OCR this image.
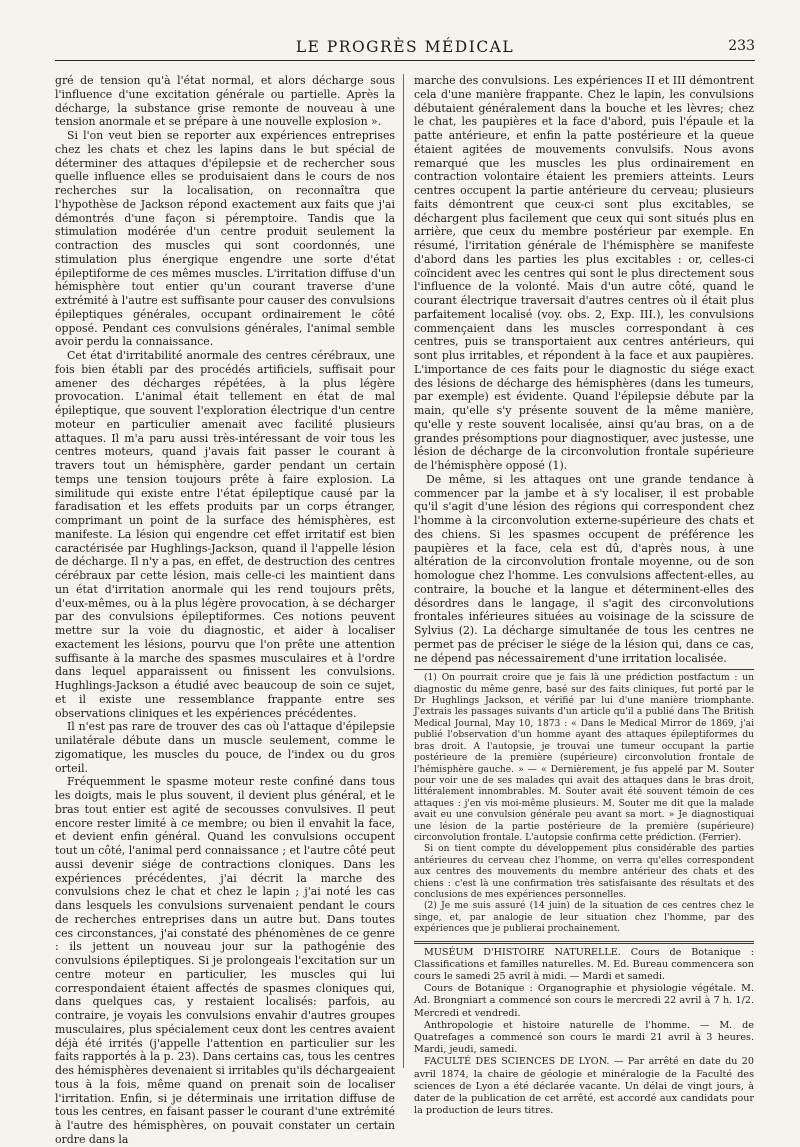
LE PROGRÈS MÉDICAL	233

gré de tension qu'à l'état normal, et alors décharge sous l'influence d'une excitation générale ou partielle. Après la décharge, la substance grise remonte de nouveau à une tension anormale et se prépare à une nouvelle explosion ».

Si l'on veut bien se reporter aux expériences entreprises chez les chats et chez les lapins dans le but spécial de déterminer des attaques d'épilepsie et de rechercher sous quelle influence elles se produisaient dans le cours de nos recherches sur la localisation, on reconnaîtra que l'hypothèse de Jackson répond exactement aux faits que j'ai démontrés d'une façon si péremptoire. Tandis que la stimulation modérée d'un centre produit seulement la contraction des muscles qui sont coordonnés, une stimulation plus énergique engendre une sorte d'état épileptiforme de ces mêmes muscles. L'irritation diffuse d'un hémisphère tout entier qu'un courant traverse d'une extrémité à l'autre est suffisante pour causer des convulsions épileptiques générales, occupant ordinairement le côté opposé. Pendant ces convulsions générales, l'animal semble avoir perdu la connaissance.

Cet état d'irritabilité anormale des centres cérébraux, une fois bien établi par des procédés artificiels, suffisait pour amener des décharges répétées, à la plus légère provocation. L'animal était tellement en état de mal épileptique, que souvent l'exploration électrique d'un centre moteur en particulier amenait avec facilité plusieurs attaques. Il m'a paru aussi très-intéressant de voir tous les centres moteurs, quand j'avais fait passer le courant à travers tout un hémisphère, garder pendant un certain temps une tension toujours prête à faire explosion. La similitude qui existe entre l'état épileptique causé par la faradisation et les effets produits par un corps étranger, comprimant un point de la surface des hémisphères, est manifeste. La lésion qui engendre cet effet irritatif est bien caractérisée par Hughlings-Jackson, quand il l'appelle lésion de décharge. Il n'y a pas, en effet, de destruction des centres cérébraux par cette lésion, mais celle-ci les maintient dans un état d'irritation anormale qui les rend toujours prêts, d'eux-mêmes, ou à la plus légère provocation, à se décharger par des convulsions épileptiformes. Ces notions peuvent mettre sur la voie du diagnostic, et aider à localiser exactement les lésions, pourvu que l'on prête une attention suffisante à la marche des spasmes musculaires et à l'ordre dans lequel apparaissent ou finissent les convulsions. Hughlings-Jackson a étudié avec beaucoup de soin ce sujet, et il existe une ressemblance frappante entre ses observations cliniques et les expériences précédentes.

Il n'est pas rare de trouver des cas où l'attaque d'épilepsie unilatérale débute dans un muscle seulement, comme le zigomatique, les muscles du pouce, de l'index ou du gros orteil.

Fréquemment le spasme moteur reste confiné dans tous les doigts, mais le plus souvent, il devient plus général, et le bras tout entier est agité de secousses convulsives. Il peut encore rester limité à ce membre; ou bien il envahit la face, et devient enfin général. Quand les convulsions occupent tout un côté, l'animal perd connaissance ; et l'autre côté peut aussi devenir siége de contractions cloniques. Dans les expériences précédentes, j'ai décrit la marche des convulsions chez le chat et chez le lapin ; j'ai noté les cas dans lesquels les convulsions survenaient pendant le cours de recherches entreprises dans un autre but. Dans toutes ces circonstances, j'ai constaté des phénomènes de ce genre : ils jettent un nouveau jour sur la pathogénie des convulsions épileptiques. Si je prolongeais l'excitation sur un centre moteur en particulier, les muscles qui lui correspondaient étaient affectés de spasmes cloniques qui, dans quelques cas, y restaient localisés: parfois, au contraire, je voyais les convulsions envahir d'autres groupes musculaires, plus spécialement ceux dont les centres avaient déjà été irrités (j'appelle l'attention en particulier sur les faits rapportés à la p. 23). Dans certains cas, tous les centres des hémisphères devenaient si irritables qu'ils déchargeaient tous à la fois, même quand on prenait soin de localiser l'irritation. Enfin, si je déterminais une irritation diffuse de tous les centres, en faisant passer le courant d'une extrémité à l'autre des hémisphères, on pouvait constater un certain ordre dans la

marche des convulsions. Les expériences II et III démontrent cela d'une manière frappante. Chez le lapin, les convulsions débutaient généralement dans la bouche et les lèvres; chez le chat, les paupières et la face d'abord, puis l'épaule et la patte antérieure, et enfin la patte postérieure et la queue étaient agitées de mouvements convulsifs. Nous avons remarqué que les muscles les plus ordinairement en contraction volontaire étaient les premiers atteints. Leurs centres occupent la partie antérieure du cerveau; plusieurs faits démontrent que ceux-ci sont plus excitables, se déchargent plus facilement que ceux qui sont situés plus en arrière, que ceux du membre postérieur par exemple. En résumé, l'irritation générale de l'hémisphère se manifeste d'abord dans les parties les plus excitables : or, celles-ci coïncident avec les centres qui sont le plus directement sous l'influence de la volonté. Mais d'un autre côté, quand le courant électrique traversait d'autres centres où il était plus parfaitement localisé (voy. obs. 2, Exp. III.), les convulsions commençaient dans les muscles correspondant à ces centres, puis se transportaient aux centres antérieurs, qui sont plus irritables, et répondent à la face et aux paupières. L'importance de ces faits pour le diagnostic du siége exact des lésions de décharge des hémisphères (dans les tumeurs, par exemple) est évidente. Quand l'épilepsie débute par la main, qu'elle s'y présente souvent de la même manière, qu'elle y reste souvent localisée, ainsi qu'au bras, on a de grandes présomptions pour diagnostiquer, avec justesse, une lésion de décharge de la circonvolution frontale supérieure de l'hémisphère opposé (1).

De même, si les attaques ont une grande tendance à commencer par la jambe et à s'y localiser, il est probable qu'il s'agit d'une lésion des régions qui correspondent chez l'homme à la circonvolution externe-supérieure des chats et des chiens. Si les spasmes occupent de préférence les paupières et la face, cela est dû, d'après nous, à une altération de la circonvolution frontale moyenne, ou de son homologue chez l'homme. Les convulsions affectent-elles, au contraire, la bouche et la langue et déterminent-elles des désordres dans le langage, il s'agit des circonvolutions frontales inférieures situées au voisinage de la scissure de Sylvius (2). La décharge simultanée de tous les centres ne permet pas de préciser le siége de la lésion qui, dans ce cas, ne dépend pas nécessairement d'une irritation localisée.

(1) On pourrait croire que je fais là une prédiction postfactum : un diagnostic du même genre, basé sur des faits cliniques, fut porté par le Dr Hughlings Jackson, et vérifié par lui d'une manière triomphante. J'extrais les passages suivants d'un article qu'il a publié dans The British Medical Journal, May 10, 1873 : « Dans le Medical Mirror de 1869, j'ai publié l'observation d'un homme ayant des attaques épileptiformes du bras droit. A l'autopsie, je trouvai une tumeur occupant la partie postérieure de la première (supérieure) circonvolution frontale de l'hémisphère gauche. » — « Dernièrement, je fus appelé par M. Souter pour voir une de ses malades qui avait des attaques dans le bras droit, littéralement innombrables. M. Souter avait été souvent témoin de ces attaques : j'en vis moi-même plusieurs. M. Souter me dit que la malade avait eu une convulsion générale peu avant sa mort. » Je diagnostiquai une lésion de la partie postérieure de la première (supérieure) circonvolution frontale. L'autopsie confirma cette prédiction. (Ferrier).

Si on tient compte du développement plus considérable des parties antérieures du cerveau chez l'homme, on verra qu'elles correspondent aux centres des mouvements du membre antérieur des chats et des chiens : c'est là une confirmation très satisfaisante des résultats et des conclusions de mes expériences personnelles.

(2) Je me suis assuré (14 juin) de la situation de ces centres chez le singe, et, par analogie de leur situation chez l'homme, par des expériences que je publierai prochainement.

MUSÉUM D'HISTOIRE NATURELLE. Cours de Botanique : Classifications et familles naturelles. M. Ed. Bureau commencera son cours le samedi 25 avril à midi. — Mardi et samedi.

Cours de Botanique : Organographie et physiologie végétale. M. Ad. Brongniart a commencé son cours le mercredi 22 avril à 7 h. 1/2. Mercredi et vendredi.

Anthropologie et histoire naturelle de l'homme. — M. de Quatrefages a commencé son cours le mardi 21 avril à 3 heures. Mardi, jeudi, samedi.

FACULTÉ DES SCIENCES DE LYON. — Par arrêté en date du 20 avril 1874, la chaire de géologie et minéralogie de la Faculté des sciences de Lyon a été déclarée vacante. Un délai de vingt jours, à dater de la publication de cet arrêté, est accordé aux candidats pour la production de leurs titres.
